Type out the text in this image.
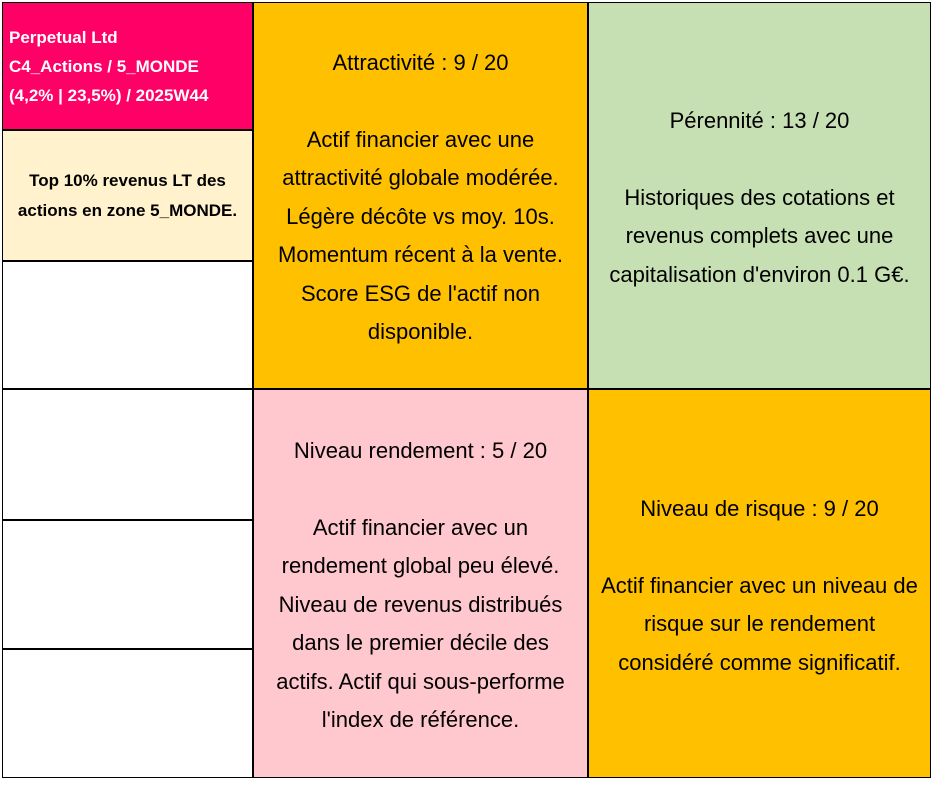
Perpetual Ltd
C4_Actions / 5_MONDE
(4,2% | 23,5%) / 2025W44
Top 10% revenus LT des
actions en zone 5_MONDE.
Attractivité : 9 / 20
Actif financier avec une
attractivité globale modérée.
Légère décôte vs moy. 10s.
Momentum récent à la vente.
Score ESG de l'actif non
disponible.
Pérennité : 13 / 20
Historiques des cotations et
revenus complets avec une
capitalisation d'environ 0.1 G€.
Niveau rendement : 5 / 20
Actif financier avec un
rendement global peu élevé.
Niveau de revenus distribués
dans le premier décile des
actifs. Actif qui sous-performe
l'index de référence.
Niveau de risque : 9 / 20
Actif financier avec un niveau de
risque sur le rendement
considéré comme significatif.
